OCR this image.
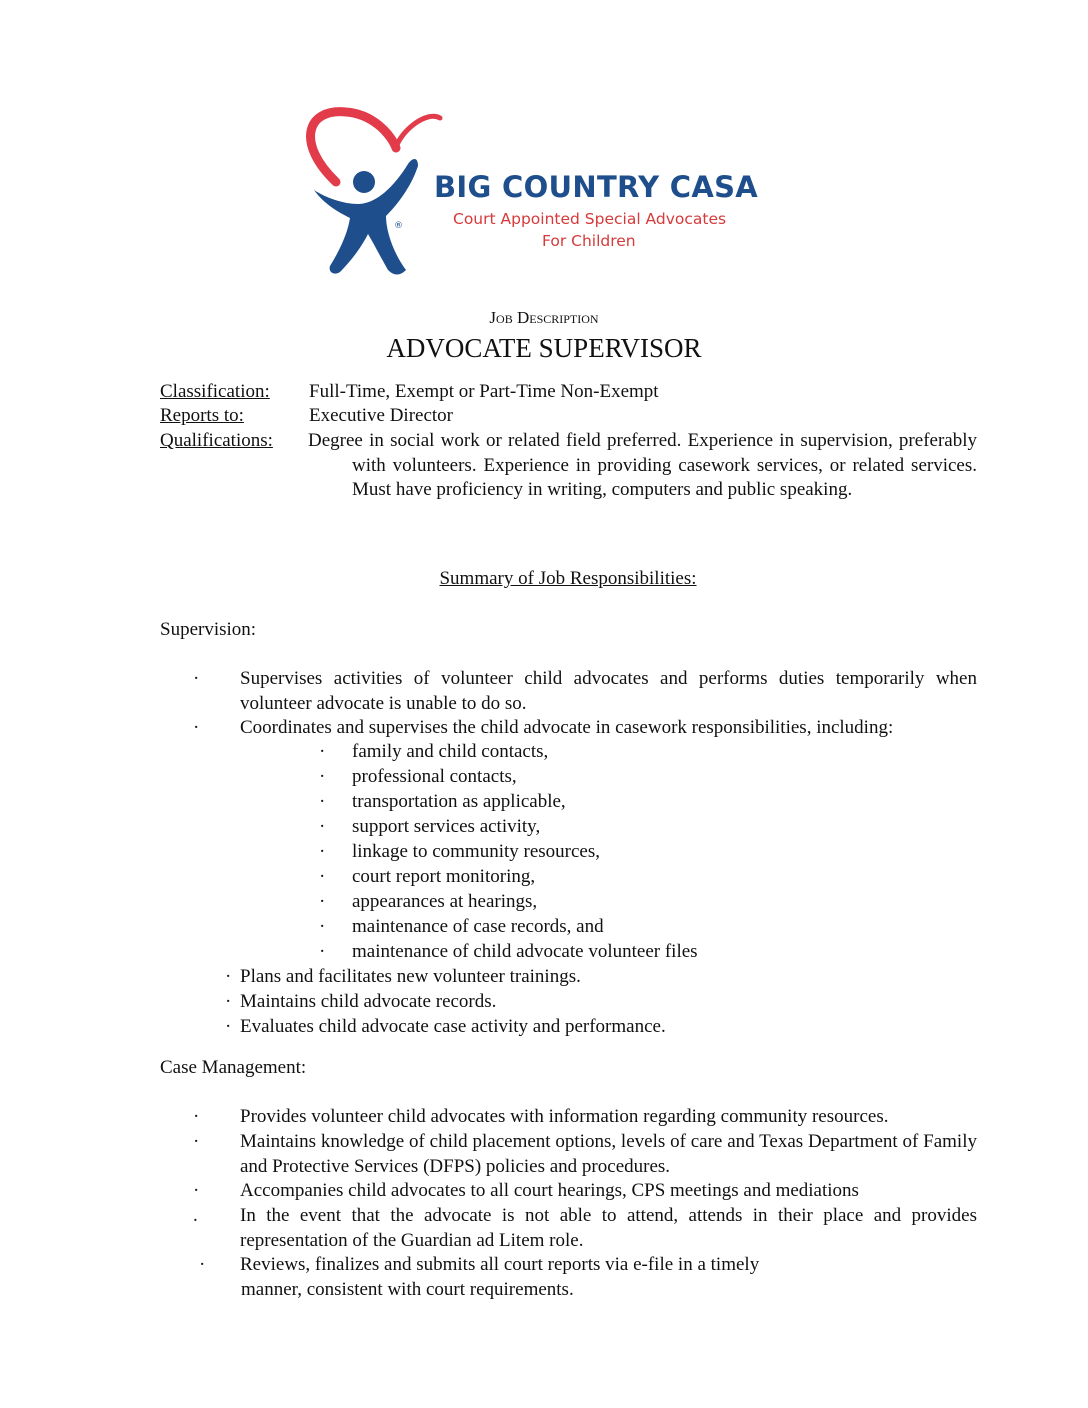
®
BIG COUNTRY CASA
Court Appointed Special Advocates
For Children
Job Description
ADVOCATE SUPERVISOR
Classification: Full-Time, Exempt or Part-Time Non-Exempt
Reports to:	Executive Director
Qualifications: Degree in social work or related field preferred. Experience in supervision, preferably with volunteers. Experience in providing casework services, or related services. Must have proficiency in writing, computers and public speaking.
Summary of Job Responsibilities:
Supervision:
· Supervises activities of volunteer child advocates and performs duties temporarily when volunteer advocate is unable to do so.
· Coordinates and supervises the child advocate in casework responsibilities, including:
· family and child contacts,
· professional contacts,
· transportation as applicable,
· support services activity,
· linkage to community resources,
· court report monitoring,
· appearances at hearings,
· maintenance of case records, and
· maintenance of child advocate volunteer files
· Plans and facilitates new volunteer trainings.
· Maintains child advocate records.
· Evaluates child advocate case activity and performance.
Case Management:
· Provides volunteer child advocates with information regarding community resources.
· Maintains knowledge of child placement options, levels of care and Texas Department of Family and Protective Services (DFPS) policies and procedures.
· Accompanies child advocates to all court hearings, CPS meetings and mediations
. In the event that the advocate is not able to attend, attends in their place and provides representation of the Guardian ad Litem role.
· Reviews, finalizes and submits all court reports via e-file in a timely
manner, consistent with court requirements.
